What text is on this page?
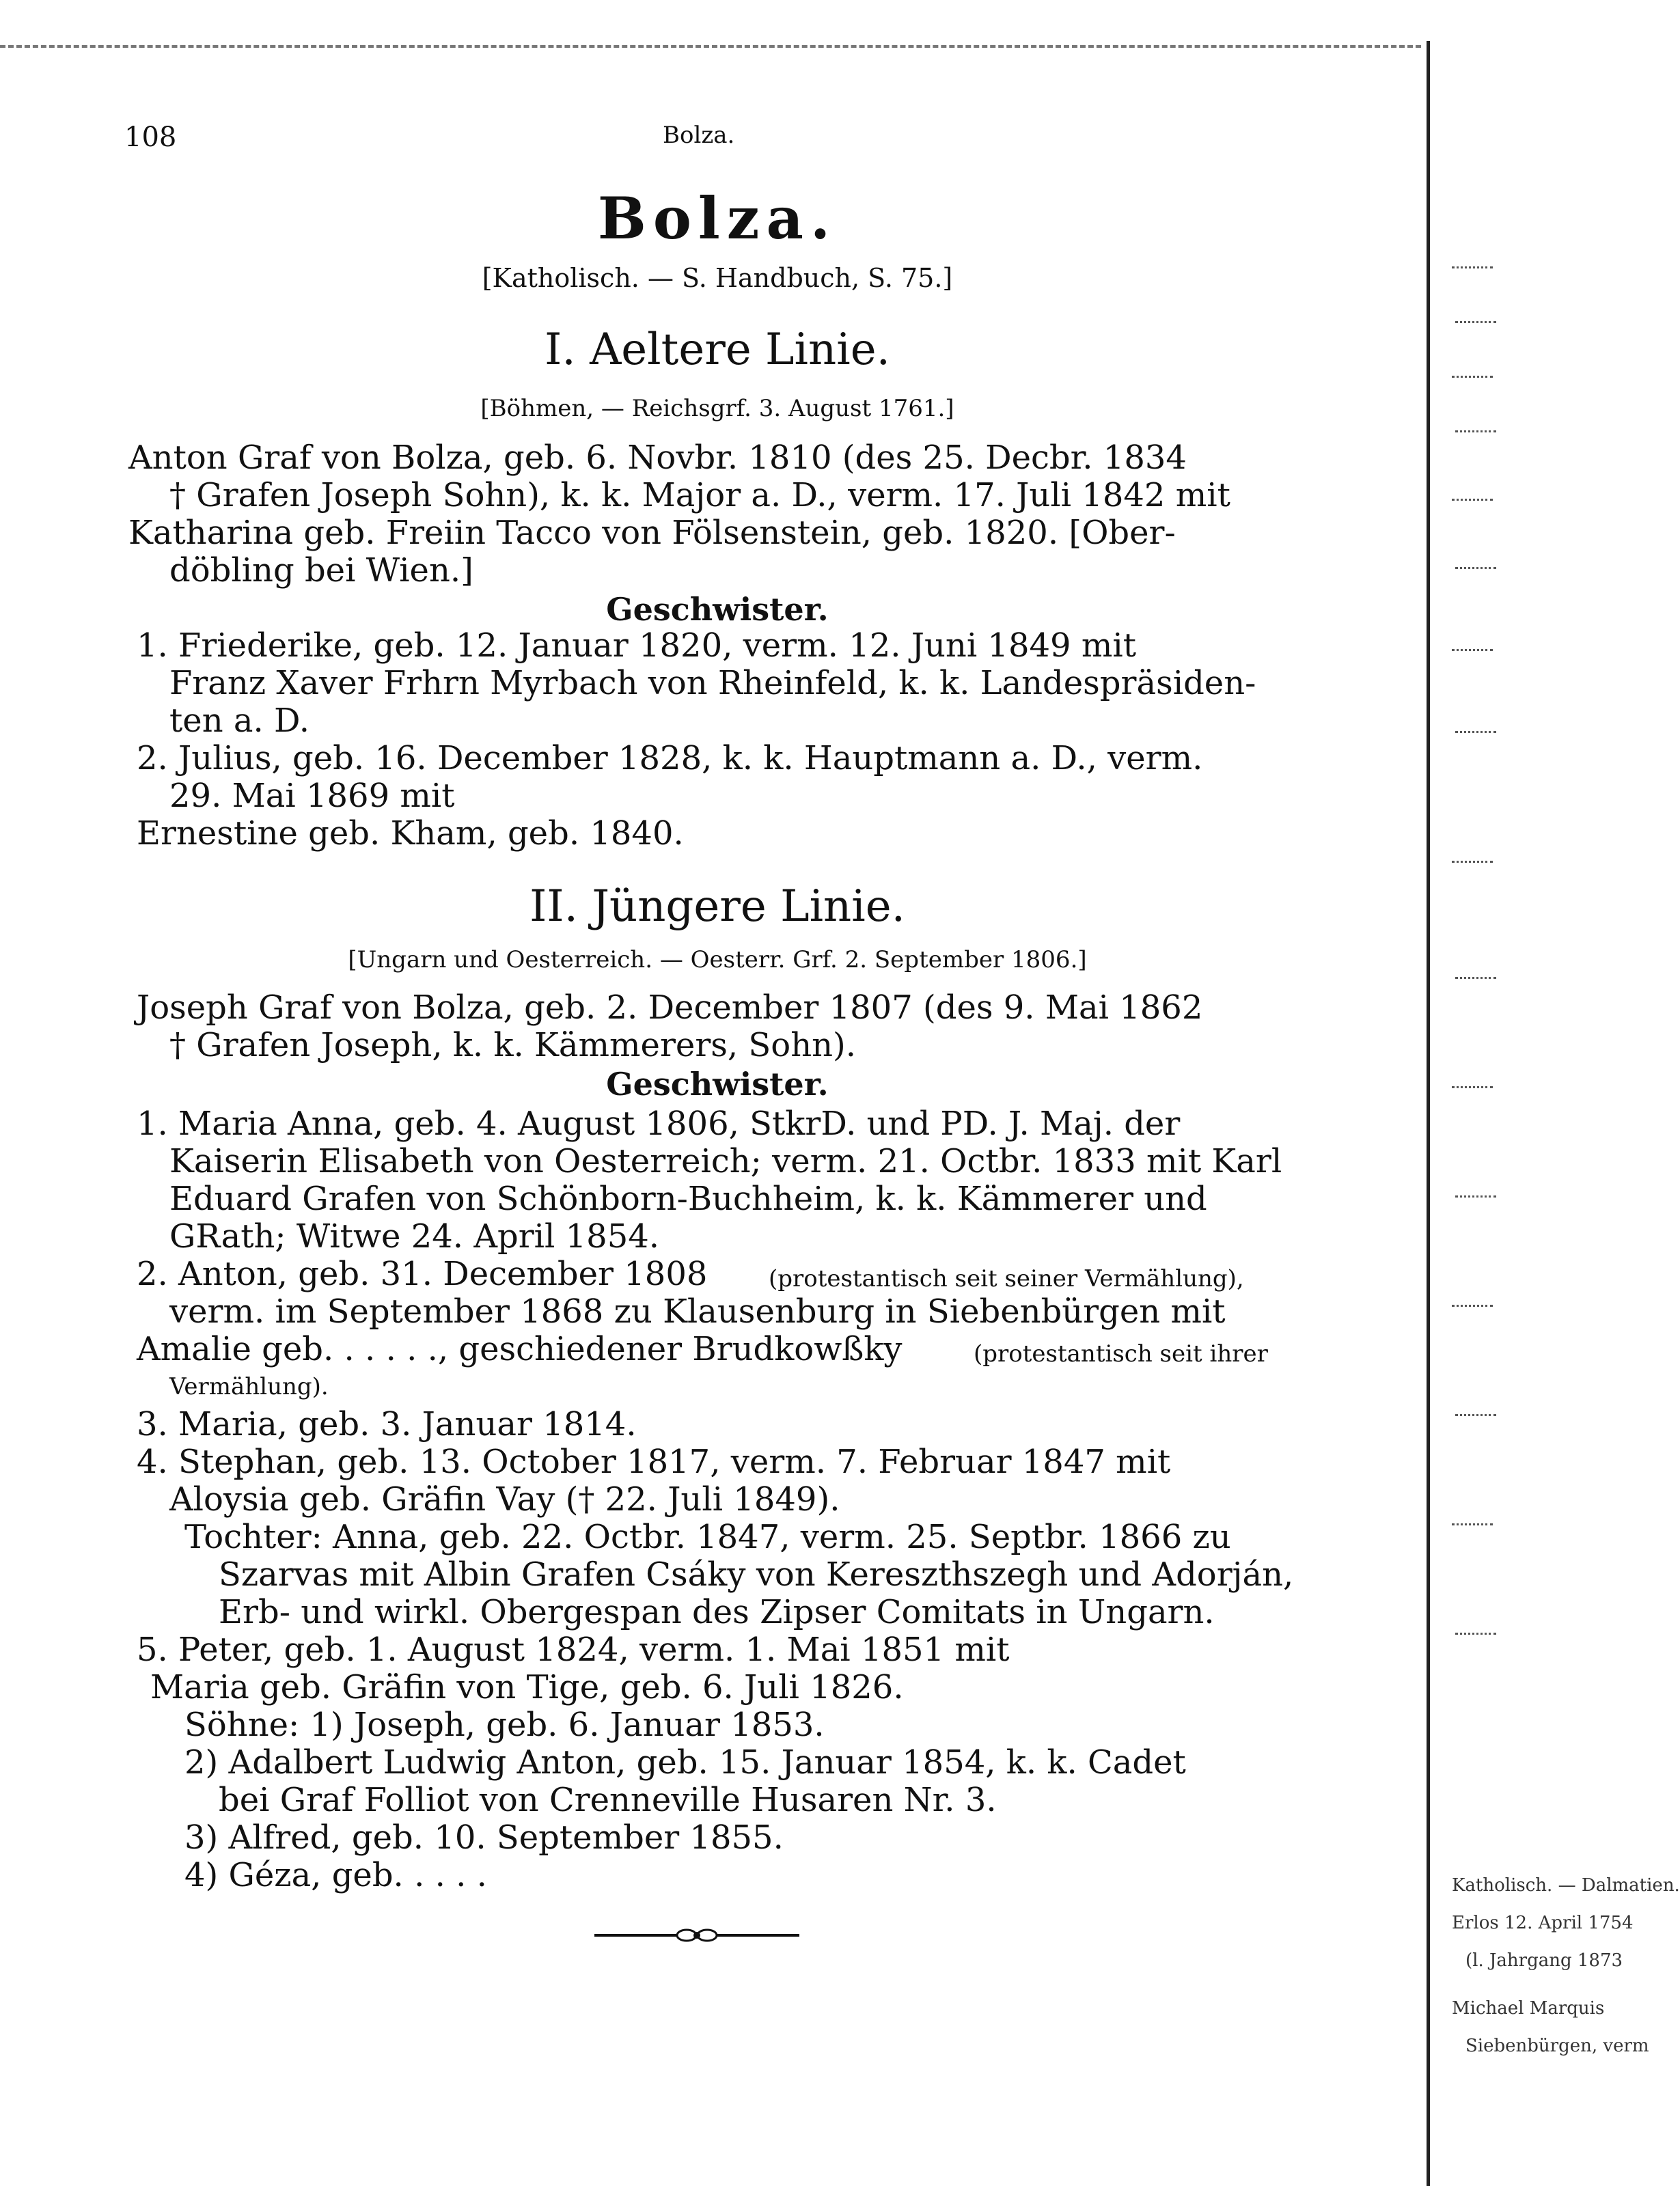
108	Bolza.
Bolza.
[Katholisch. — S. Handbuch, S. 75.]
I. Aeltere Linie.
[Böhmen, — Reichsgrf. 3. August 1761.]
Anton Graf von Bolza, geb. 6. Novbr. 1810 (des 25. Decbr. 1834
† Grafen Joseph Sohn), k. k. Major a. D., verm. 17. Juli 1842 mit
Katharina geb. Freiin Tacco von Fölsenstein, geb. 1820. [Ober-
döbling bei Wien.]
Geschwister.
1. Friederike, geb. 12. Januar 1820, verm. 12. Juni 1849 mit
Franz Xaver Frhrn Myrbach von Rheinfeld, k. k. Landespräsiden-
ten a. D.
2. Julius, geb. 16. December 1828, k. k. Hauptmann a. D., verm.
29. Mai 1869 mit
Ernestine geb. Kham, geb. 1840.
II. Jüngere Linie.
[Ungarn und Oesterreich. — Oesterr. Grf. 2. September 1806.]
Joseph Graf von Bolza, geb. 2. December 1807 (des 9. Mai 1862
† Grafen Joseph, k. k. Kämmerers, Sohn).
Geschwister.
1. Maria Anna, geb. 4. August 1806, StkrD. und PD. J. Maj. der
Kaiserin Elisabeth von Oesterreich; verm. 21. Octbr. 1833 mit Karl
Eduard Grafen von Schönborn-Buchheim, k. k. Kämmerer und
GRath; Witwe 24. April 1854.
2. Anton, geb. 31. December 1808	(protestantisch seit seiner Vermählung),
verm. im September 1868 zu Klausenburg in Siebenbürgen mit
Amalie geb. . . . . ., geschiedener Brudkowßky	(protestantisch seit ihrer
Vermählung).
3. Maria, geb. 3. Januar 1814.
4. Stephan, geb. 13. October 1817, verm. 7. Februar 1847 mit
Aloysia geb. Gräfin Vay († 22. Juli 1849).
Tochter: Anna, geb. 22. Octbr. 1847, verm. 25. Septbr. 1866 zu
Szarvas mit Albin Grafen Csáky von Kereszthszegh und Adorján,
Erb- und wirkl. Obergespan des Zipser Comitats in Ungarn.
5. Peter, geb. 1. August 1824, verm. 1. Mai 1851 mit
Maria geb. Gräfin von Tige, geb. 6. Juli 1826.
Söhne: 1) Joseph, geb. 6. Januar 1853.
2) Adalbert Ludwig Anton, geb. 15. Januar 1854, k. k. Cadet
bei Graf Folliot von Crenneville Husaren Nr. 3.
3) Alfred, geb. 10. September 1855.
4) Géza, geb. . . . .	Katholisch. — Dalmatien.
Erlos 12. April 1754
(l. Jahrgang 1873
Michael Marquis
Siebenbürgen, verm
